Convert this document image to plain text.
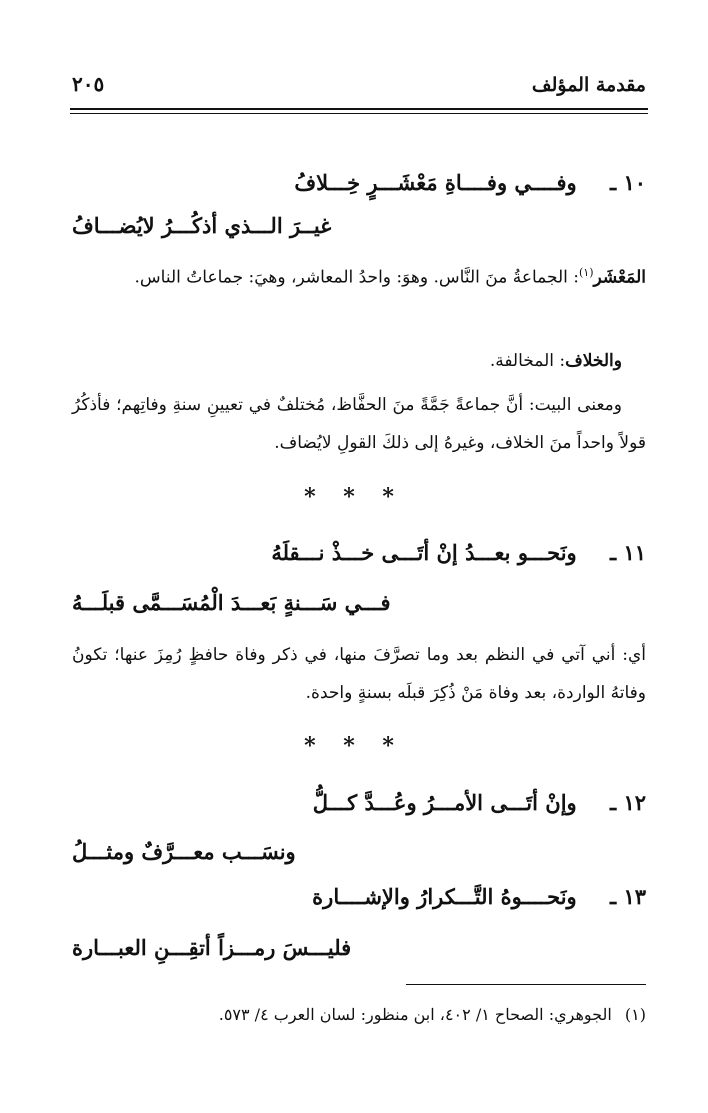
مقدمة المؤلف
٢٠٥
١٠ ـ وفــــي وفــــاةِ مَعْشَـــرٍ خِـــلافُ
غيــرَ الـــذي أذكُـــرُ لايُضـــافُ
المَعْشَر$^{(١)}$: الجماعةُ منَ النَّاس. وهوَ: واحدُ المعاشر، وهيَ: جماعاتُ الناس.
والخلاف: المخالفة.
ومعنى البيت: أنَّ جماعةً جَمَّةً منَ الحفَّاظ، مُختلفٌ في تعيينِ سنةِ وفاتِهم؛ فأذكُرُ قولاً واحداً منَ الخلاف، وغيرهُ إلى ذلكَ القولِ لايُضاف.
* * *
١١ ـ ونَحـــو بعـــدُ إنْ أتَـــى خـــذْ نـــقلَهُ
فـــي سَـــنةٍ بَعـــدَ الْمُسَـــمَّى قبلَـــهُ
أي: أني آتي في النظم بعد وما تصرَّفَ منها، في ذكر وفاة حافظٍ رُمِزَ عنها؛ تكونُ وفاتهُ الواردة، بعد وفاة مَنْ ذُكِرَ قبلَه بسنةٍ واحدة.
* * *
١٢ ـ وإنْ أتَـــى الأمـــرُ وعُـــدَّ كـــلُّ
ونسَـــب معـــرَّفٌ ومثـــلُ
١٣ ـ ونَحــــوهُ التَّـــكرارُ والإشــــارة
فليـــسَ رمـــزاً أتقِـــنِ العبـــارة
(١) الجوهري: الصحاح ١/ ٤٠٢، ابن منظور: لسان العرب ٤/ ٥٧٣.
